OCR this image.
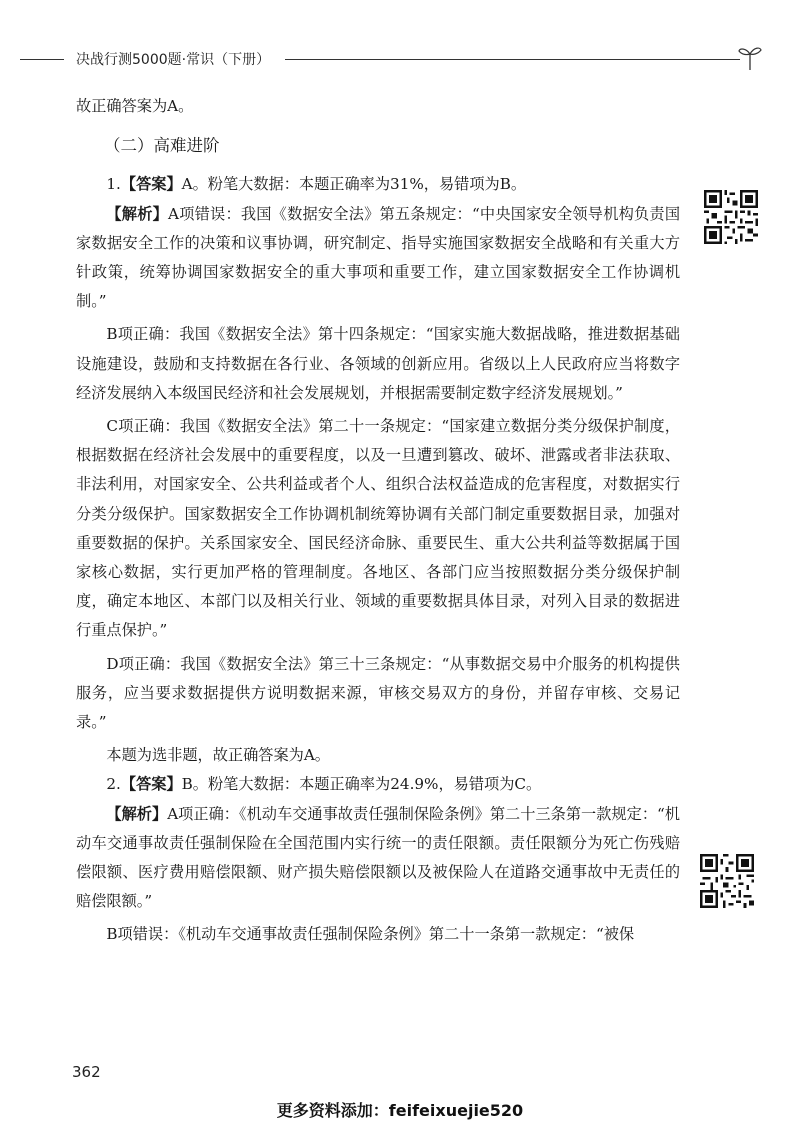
决战行测5000题·常识（下册）

故正确答案为A。

（二）高难进阶

1.【答案】A。粉笔大数据：本题正确率为31%，易错项为B。

【解析】A项错误：我国《数据安全法》第五条规定：“中央国家安全领导机构负责国家数据安全工作的决策和议事协调，研究制定、指导实施国家数据安全战略和有关重大方针政策，统筹协调国家数据安全的重大事项和重要工作，建立国家数据安全工作协调机制。”

B项正确：我国《数据安全法》第十四条规定：“国家实施大数据战略，推进数据基础设施建设，鼓励和支持数据在各行业、各领域的创新应用。省级以上人民政府应当将数字经济发展纳入本级国民经济和社会发展规划，并根据需要制定数字经济发展规划。”

C项正确：我国《数据安全法》第二十一条规定：“国家建立数据分类分级保护制度，根据数据在经济社会发展中的重要程度，以及一旦遭到篡改、破坏、泄露或者非法获取、非法利用，对国家安全、公共利益或者个人、组织合法权益造成的危害程度，对数据实行分类分级保护。国家数据安全工作协调机制统筹协调有关部门制定重要数据目录，加强对重要数据的保护。关系国家安全、国民经济命脉、重要民生、重大公共利益等数据属于国家核心数据，实行更加严格的管理制度。各地区、各部门应当按照数据分类分级保护制度，确定本地区、本部门以及相关行业、领域的重要数据具体目录，对列入目录的数据进行重点保护。”

D项正确：我国《数据安全法》第三十三条规定：“从事数据交易中介服务的机构提供服务，应当要求数据提供方说明数据来源，审核交易双方的身份，并留存审核、交易记录。”

本题为选非题，故正确答案为A。

2.【答案】B。粉笔大数据：本题正确率为24.9%，易错项为C。

【解析】A项正确：《机动车交通事故责任强制保险条例》第二十三条第一款规定：“机动车交通事故责任强制保险在全国范围内实行统一的责任限额。责任限额分为死亡伤残赔偿限额、医疗费用赔偿限额、财产损失赔偿限额以及被保险人在道路交通事故中无责任的赔偿限额。”

B项错误：《机动车交通事故责任强制保险条例》第二十一条第一款规定：“被保

362
更多资料添加：feifeixuejie520
